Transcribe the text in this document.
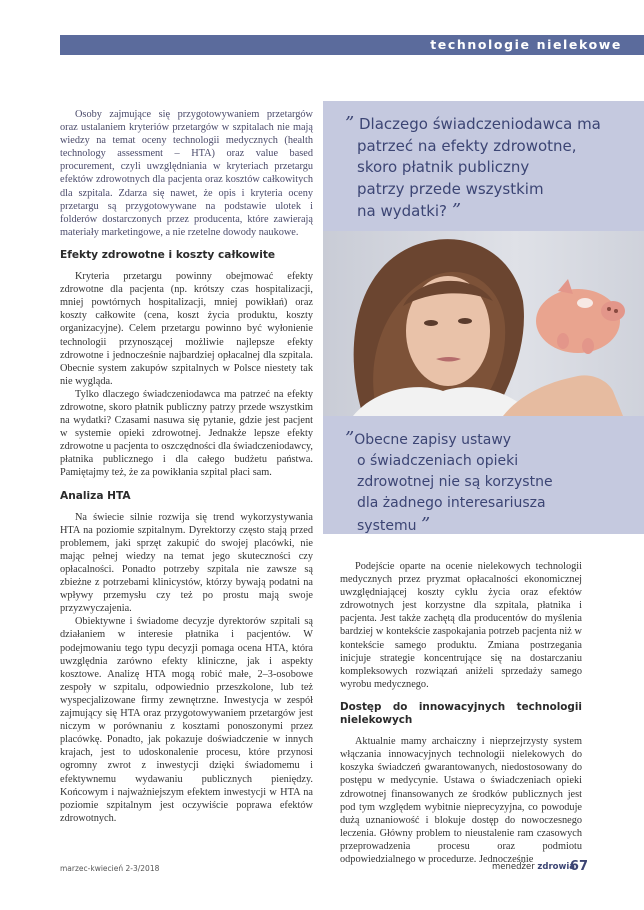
technologie nielekowe

Osoby zajmujące się przygotowywaniem przetargów oraz ustalaniem kryteriów przetargów w szpitalach nie mają wiedzy na temat oceny technologii medycznych (health technology assessment – HTA) oraz value based procurement, czyli uwzględniania w kryteriach przetargu efektów zdrowotnych dla pacjenta oraz kosztów całkowitych dla szpitala. Zdarza się nawet, że opis i kryteria oceny przetargu są przygotowywane na podstawie ulotek i folderów dostarczonych przez producenta, które zawierają materiały marketingowe, a nie rzetelne dowody naukowe.

Efekty zdrowotne i koszty całkowite

Kryteria przetargu powinny obejmować efekty zdrowotne dla pacjenta (np. krótszy czas hospitalizacji, mniej powtórnych hospitalizacji, mniej powikłań) oraz koszty całkowite (cena, koszt życia produktu, koszty organizacyjne). Celem przetargu powinno być wyłonienie technologii przynoszącej możliwie najlepsze efekty zdrowotne i jednocześnie najbardziej opłacalnej dla szpitala. Obecnie system zakupów szpitalnych w Polsce niestety tak nie wygląda.

Tylko dlaczego świadczeniodawca ma patrzeć na efekty zdrowotne, skoro płatnik publiczny patrzy przede wszystkim na wydatki? Czasami nasuwa się pytanie, gdzie jest pacjent w systemie opieki zdrowotnej. Jednakże lepsze efekty zdrowotne u pacjenta to oszczędności dla świadczeniodawcy, płatnika publicznego i dla całego budżetu państwa. Pamiętajmy też, że za powikłania szpital płaci sam.

Analiza HTA

Na świecie silnie rozwija się trend wykorzystywania HTA na poziomie szpitalnym. Dyrektorzy często stają przed problemem, jaki sprzęt zakupić do swojej placówki, nie mając pełnej wiedzy na temat jego skuteczności czy opłacalności. Ponadto potrzeby szpitala nie zawsze są zbieżne z potrzebami klinicystów, którzy bywają podatni na wpływy przemysłu czy też po prostu mają swoje przyzwyczajenia.

Obiektywne i świadome decyzje dyrektorów szpitali są działaniem w interesie płatnika i pacjentów. W podejmowaniu tego typu decyzji pomaga ocena HTA, która uwzględnia zarówno efekty kliniczne, jak i aspekty kosztowe. Analizę HTA mogą robić małe, 2–3-osobowe zespoły w szpitalu, odpowiednio przeszkolone, lub też wyspecjalizowane firmy zewnętrzne. Inwestycja w zespół zajmujący się HTA oraz przygotowywaniem przetargów jest niczym w porównaniu z kosztami ponoszonymi przez placówkę. Ponadto, jak pokazuje doświadczenie w innych krajach, jest to udoskonalenie procesu, które przynosi ogromny zwrot z inwestycji dzięki świadomemu i efektywnemu wydawaniu publicznych pieniędzy. Końcowym i najważniejszym efektem inwestycji w HTA na poziomie szpitalnym jest oczywiście poprawa efektów zdrowotnych.

” Dlaczego świadczeniodawca ma
patrzeć na efekty zdrowotne,
skoro płatnik publiczny
patrzy przede wszystkim
na wydatki? ”
”Obecne zapisy ustawy
o świadczeniach opieki
zdrowotnej nie są korzystne
dla żadnego interesariusza
systemu ”

Podejście oparte na ocenie nielekowych technologii medycznych przez pryzmat opłacalności ekonomicznej uwzględniającej koszty cyklu życia oraz efektów zdrowotnych jest korzystne dla szpitala, płatnika i pacjenta. Jest także zachętą dla producentów do myślenia bardziej w kontekście zaspokajania potrzeb pacjenta niż w kontekście samego produktu. Zmiana postrzegania inicjuje strategie koncentrujące się na dostarczaniu kompleksowych rozwiązań aniżeli sprzedaży samego wyrobu medycznego.

Dostęp do innowacyjnych technologii nielekowych

Aktualnie mamy archaiczny i nieprzejrzysty system włączania innowacyjnych technologii nielekowych do koszyka świadczeń gwarantowanych, niedostosowany do postępu w medycynie. Ustawa o świadczeniach opieki zdrowotnej finansowanych ze środków publicznych jest pod tym względem wybitnie nieprecyzyjna, co powoduje dużą uznaniowość i blokuje dostęp do nowoczesnego leczenia. Główny problem to nieustalenie ram czasowych przeprowadzenia procesu oraz podmiotu odpowiedzialnego w procedurze. Jednocześnie

marzec-kwiecień 2-3/2018	menedżer zdrowia
67
